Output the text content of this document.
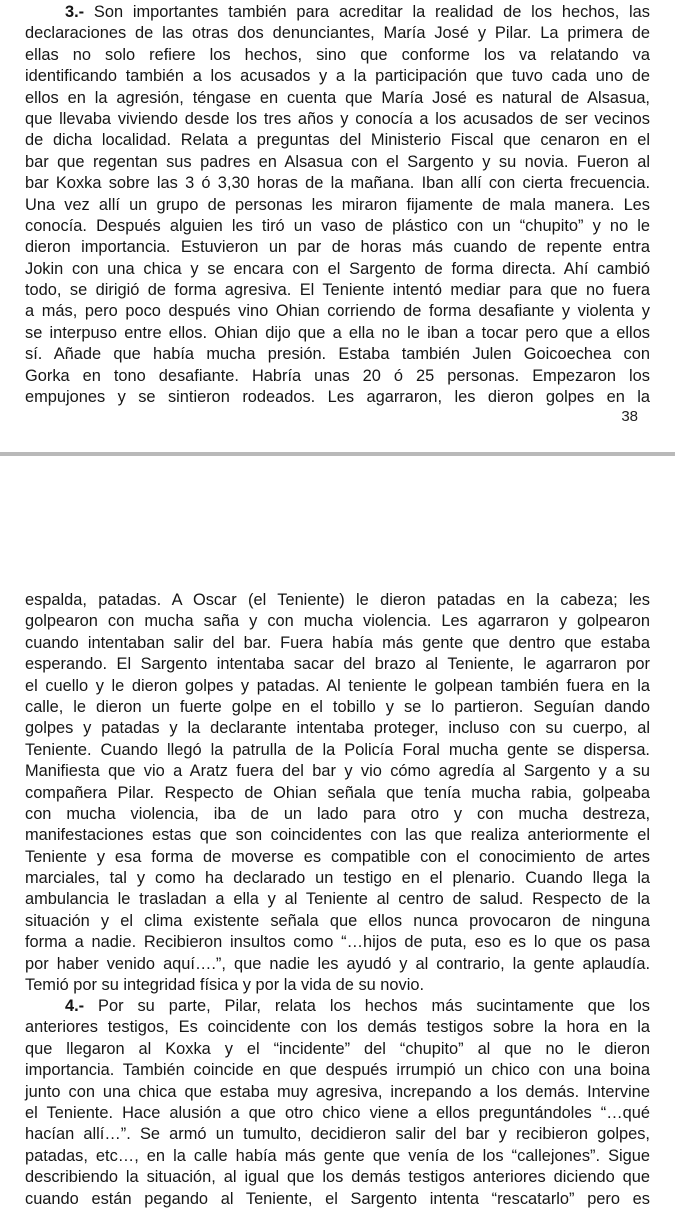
3.- Son importantes también para acreditar la realidad de los hechos, las
declaraciones de las otras dos denunciantes, María José y Pilar. La primera de
ellas no solo refiere los hechos, sino que conforme los va relatando va
identificando también a los acusados y a la participación que tuvo cada uno de
ellos en la agresión, téngase en cuenta que María José es natural de Alsasua,
que llevaba viviendo desde los tres años y conocía a los acusados de ser vecinos
de dicha localidad. Relata a preguntas del Ministerio Fiscal que cenaron en el
bar que regentan sus padres en Alsasua con el Sargento y su novia. Fueron al
bar Koxka sobre las 3 ó 3,30 horas de la mañana. Iban allí con cierta frecuencia.
Una vez allí un grupo de personas les miraron fijamente de mala manera. Les
conocía. Después alguien les tiró un vaso de plástico con un “chupito” y no le
dieron importancia. Estuvieron un par de horas más cuando de repente entra
Jokin con una chica y se encara con el Sargento de forma directa. Ahí cambió
todo, se dirigió de forma agresiva. El Teniente intentó mediar para que no fuera
a más, pero poco después vino Ohian corriendo de forma desafiante y violenta y
se interpuso entre ellos. Ohian dijo que a ella no le iban a tocar pero que a ellos
sí. Añade que había mucha presión. Estaba también Julen Goicoechea con
Gorka en tono desafiante. Habría unas 20 ó 25 personas. Empezaron los
empujones y se sintieron rodeados. Les agarraron, les dieron golpes en la
38
espalda, patadas. A Oscar (el Teniente) le dieron patadas en la cabeza; les
golpearon con mucha saña y con mucha violencia. Les agarraron y golpearon
cuando intentaban salir del bar. Fuera había más gente que dentro que estaba
esperando. El Sargento intentaba sacar del brazo al Teniente, le agarraron por
el cuello y le dieron golpes y patadas. Al teniente le golpean también fuera en la
calle, le dieron un fuerte golpe en el tobillo y se lo partieron. Seguían dando
golpes y patadas y la declarante intentaba proteger, incluso con su cuerpo, al
Teniente. Cuando llegó la patrulla de la Policía Foral mucha gente se dispersa.
Manifiesta que vio a Aratz fuera del bar y vio cómo agredía al Sargento y a su
compañera Pilar. Respecto de Ohian señala que tenía mucha rabia, golpeaba
con mucha violencia, iba de un lado para otro y con mucha destreza,
manifestaciones estas que son coincidentes con las que realiza anteriormente el
Teniente y esa forma de moverse es compatible con el conocimiento de artes
marciales, tal y como ha declarado un testigo en el plenario. Cuando llega la
ambulancia le trasladan a ella y al Teniente al centro de salud. Respecto de la
situación y el clima existente señala que ellos nunca provocaron de ninguna
forma a nadie. Recibieron insultos como “…hijos de puta, eso es lo que os pasa
por haber venido aquí….”, que nadie les ayudó y al contrario, la gente aplaudía.
Temió por su integridad física y por la vida de su novio.
4.- Por su parte, Pilar, relata los hechos más sucintamente que los
anteriores testigos, Es coincidente con los demás testigos sobre la hora en la
que llegaron al Koxka y el “incidente” del “chupito” al que no le dieron
importancia. También coincide en que después irrumpió un chico con una boina
junto con una chica que estaba muy agresiva, increpando a los demás. Intervine
el Teniente. Hace alusión a que otro chico viene a ellos preguntándoles “…qué
hacían allí…”. Se armó un tumulto, decidieron salir del bar y recibieron golpes,
patadas, etc…, en la calle había más gente que venía de los “callejones”. Sigue
describiendo la situación, al igual que los demás testigos anteriores diciendo que
cuando están pegando al Teniente, el Sargento intenta “rescatarlo” pero es
